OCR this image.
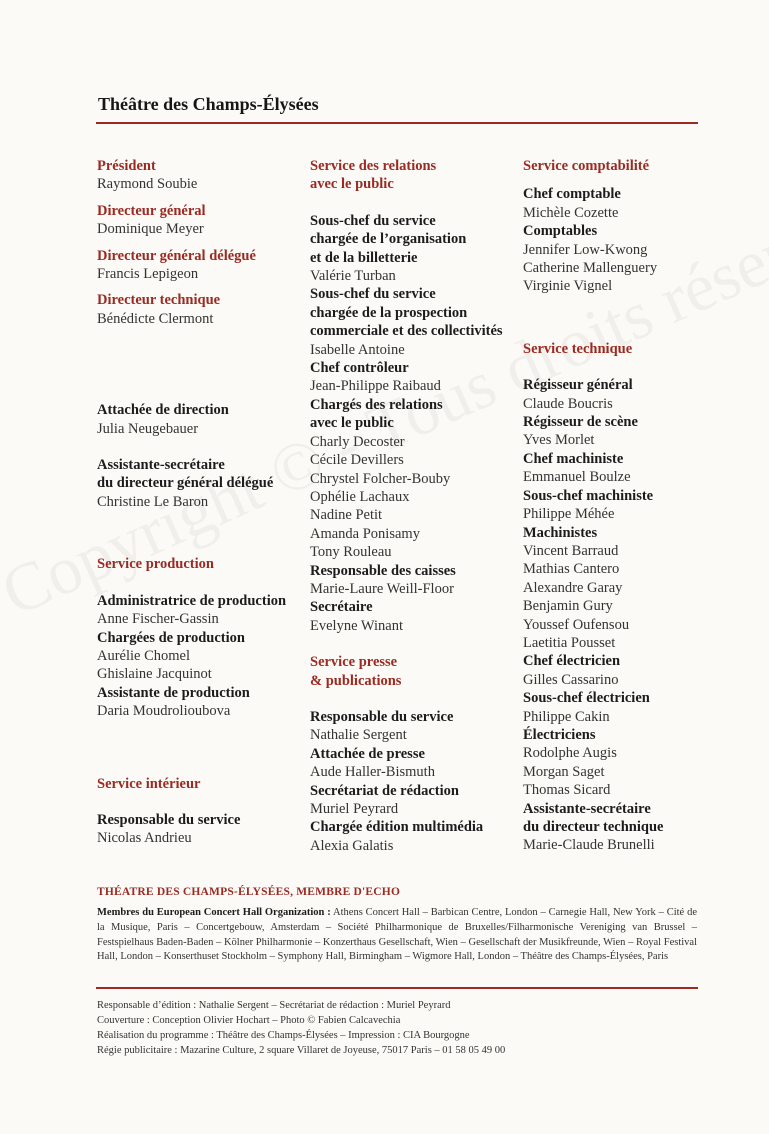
Théâtre des Champs-Élysées
Président
Raymond Soubie
Directeur général
Dominique Meyer
Directeur général délégué
Francis Lepigeon
Directeur technique
Bénédicte Clermont
Attachée de direction
Julia Neugebauer
Assistante-secrétaire
du directeur général délégué
Christine Le Baron
Service production
Administratrice de production
Anne Fischer-Gassin
Chargées de production
Aurélie Chomel
Ghislaine Jacquinot
Assistante de production
Daria Moudrolioubova
Service intérieur
Responsable du service
Nicolas Andrieu
Service des relations
avec le public
Sous-chef du service
chargée de l’organisation
et de la billetterie
Valérie Turban
Sous-chef du service
chargée de la prospection
commerciale et des collectivités
Isabelle Antoine
Chef contrôleur
Jean-Philippe Raibaud
Chargés des relations
avec le public
Charly Decoster
Cécile Devillers
Chrystel Folcher-Bouby
Ophélie Lachaux
Nadine Petit
Amanda Ponisamy
Tony Rouleau
Responsable des caisses
Marie-Laure Weill-Floor
Secrétaire
Evelyne Winant
Service presse
& publications
Responsable du service
Nathalie Sergent
Attachée de presse
Aude Haller-Bismuth
Secrétariat de rédaction
Muriel Peyrard
Chargée édition multimédia
Alexia Galatis
Service comptabilité
Chef comptable
Michèle Cozette
Comptables
Jennifer Low-Kwong
Catherine Mallenguery
Virginie Vignel
Service technique
Régisseur général
Claude Boucris
Régisseur de scène
Yves Morlet
Chef machiniste
Emmanuel Boulze
Sous-chef machiniste
Philippe Méhée
Machinistes
Vincent Barraud
Mathias Cantero
Alexandre Garay
Benjamin Gury
Youssef Oufensou
Laetitia Pousset
Chef électricien
Gilles Cassarino
Sous-chef électricien
Philippe Cakin
Électriciens
Rodolphe Augis
Morgan Saget
Thomas Sicard
Assistante-secrétaire
du directeur technique
Marie-Claude Brunelli
THÉATRE DES CHAMPS-ÉLYSÉES, MEMBRE D'ECHO
Membres du European Concert Hall Organization : Athens Concert Hall – Barbican Centre, London – Carnegie Hall, New York – Cité de la Musique, Paris – Concertgebouw, Amsterdam – Société Philharmonique de Bruxelles/Filharmonische Vereniging van Brussel – Festspielhaus Baden-Baden – Kölner Philharmonie – Konzerthaus Gesellschaft, Wien – Gesellschaft der Musikfreunde, Wien – Royal Festival Hall, London – Konserthuset Stockholm – Symphony Hall, Birmingham – Wigmore Hall, London – Théâtre des Champs-Élysées, Paris
Responsable d’édition : Nathalie Sergent – Secrétariat de rédaction : Muriel Peyrard
Couverture : Conception Olivier Hochart – Photo © Fabien Calcavechia
Réalisation du programme : Théâtre des Champs-Élysées – Impression : CIA Bourgogne
Régie publicitaire : Mazarine Culture, 2 square Villaret de Joyeuse, 75017 Paris – 01 58 05 49 00
